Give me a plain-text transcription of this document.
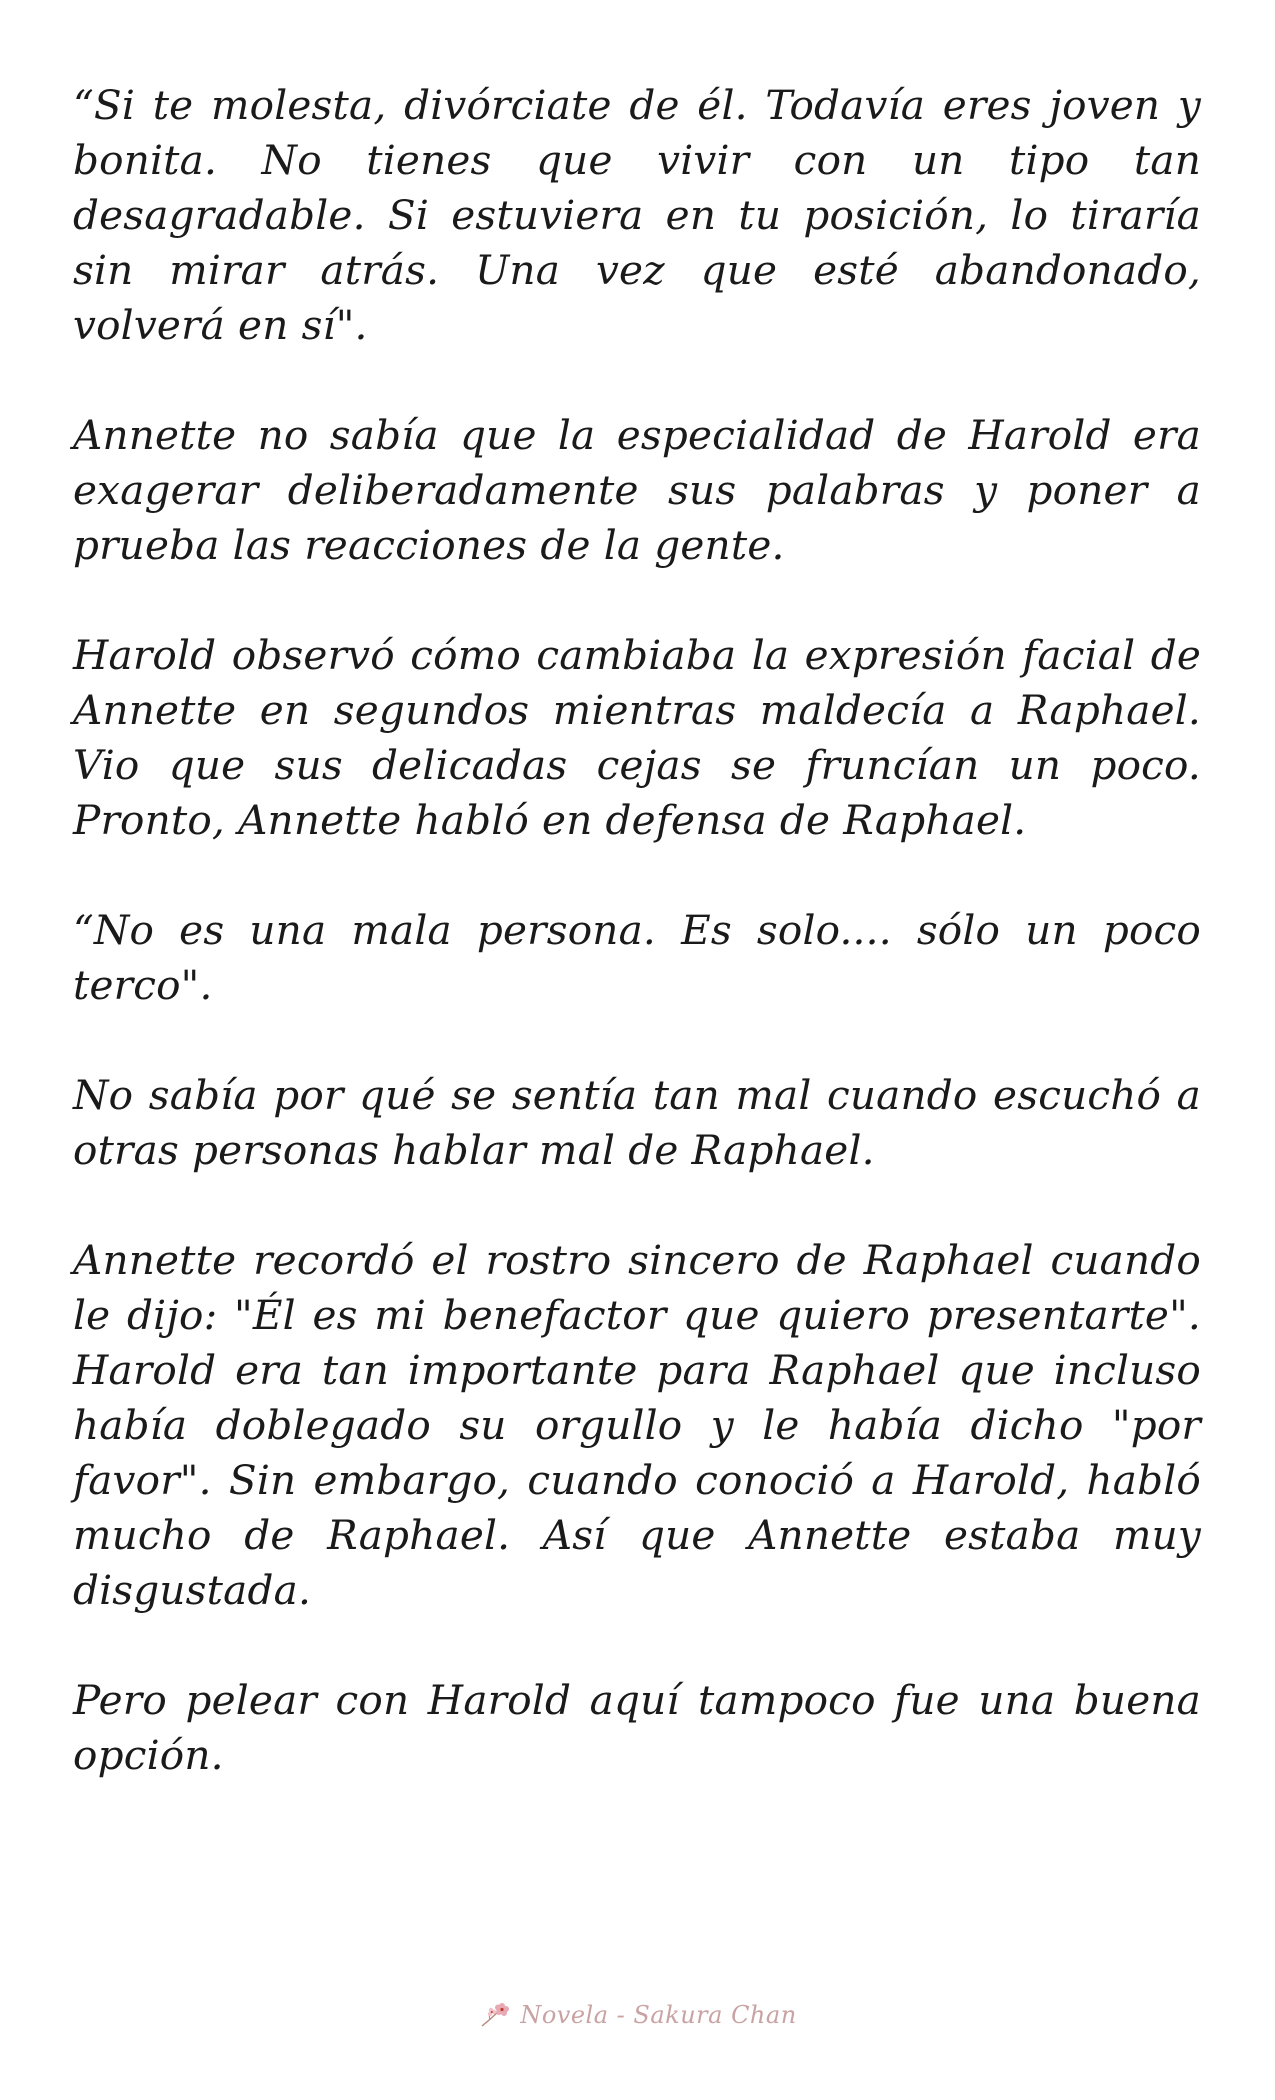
“Si te molesta, divórciate de él. Todavía eres joven y bonita. No tienes que vivir con un tipo tan desagradable. Si estuviera en tu posición, lo tiraría sin mirar atrás. Una vez que esté abandonado, volverá en sí".

Annette no sabía que la especialidad de Harold era exagerar deliberadamente sus palabras y poner a prueba las reacciones de la gente.

Harold observó cómo cambiaba la expresión facial de Annette en segundos mientras maldecía a Raphael. Vio que sus delicadas cejas se fruncían un poco. Pronto, Annette habló en defensa de Raphael.

“No es una mala persona. Es solo.... sólo un poco terco".

No sabía por qué se sentía tan mal cuando escuchó a otras personas hablar mal de Raphael.

Annette recordó el rostro sincero de Raphael cuando le dijo: "Él es mi benefactor que quiero presentarte". Harold era tan importante para Raphael que incluso había doblegado su orgullo y le había dicho "por favor". Sin embargo, cuando conoció a Harold, habló mucho de Raphael. Así que Annette estaba muy disgustada.

Pero pelear con Harold aquí tampoco fue una buena opción.

Novela - Sakura Chan
